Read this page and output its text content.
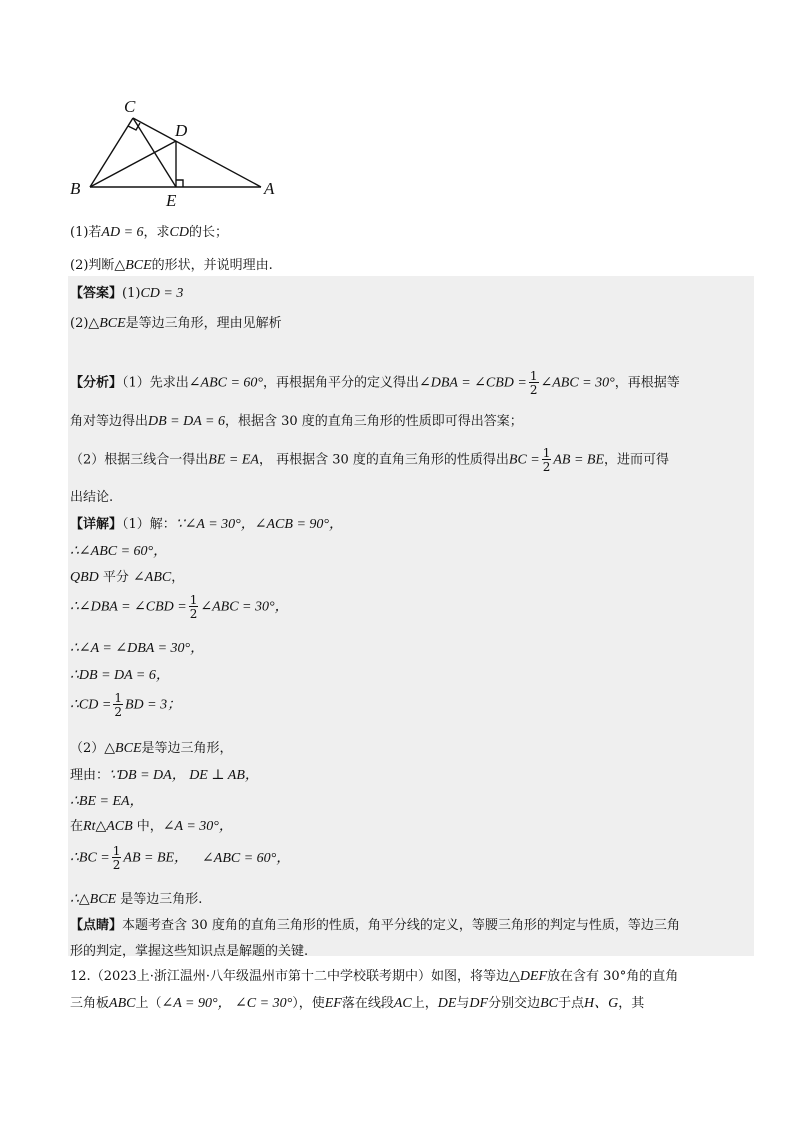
C
D
B
E
A
(1)若AD = 6，求CD的长；
(2)判断△BCE的形状，并说明理由.
【答案】(1)CD = 3
(2)△BCE是等边三角形，理由见解析
【分析】（1）先求出∠ABC = 60°，再根据角平分的定义得出∠DBA = ∠CBD = $\frac{1}{2}$ ∠ABC = 30°，再根据等
角对等边得出DB = DA = 6，根据含 30 度的直角三角形的性质即可得出答案；
（2）根据三线合一得出BE = EA， 再根据含 30 度的直角三角形的性质得出BC = $\frac{1}{2}$ AB = BE，进而可得
出结论.
【详解】（1）解：∵∠A = 30°，∠ACB = 90°，
∴∠ABC = 60°，
QBD 平分 ∠ABC，
∴∠DBA = ∠CBD = $\frac{1}{2}$ ∠ABC = 30°，
∴∠A = ∠DBA = 30°，
∴DB = DA = 6，
∴CD = $\frac{1}{2}$ BD = 3；
（2）△BCE是等边三角形，
理由：∵DB = DA， DE ⊥ AB，
∴BE = EA，
在Rt△ACB 中，∠A = 30°，
∴BC = $\frac{1}{2}$ AB = BE， ∠ABC = 60°，
∴△BCE 是等边三角形.
【点睛】本题考查含 30 度角的直角三角形的性质，角平分线的定义，等腰三角形的判定与性质，等边三角
形的判定，掌握这些知识点是解题的关键.
12.（2023上·浙江温州·八年级温州市第十二中学校联考期中）如图，将等边△DEF放在含有 30°角的直角
三角板ABC上（∠A = 90°， ∠C = 30°），使EF落在线段AC上，DE与DF分别交边BC于点H、G，其
